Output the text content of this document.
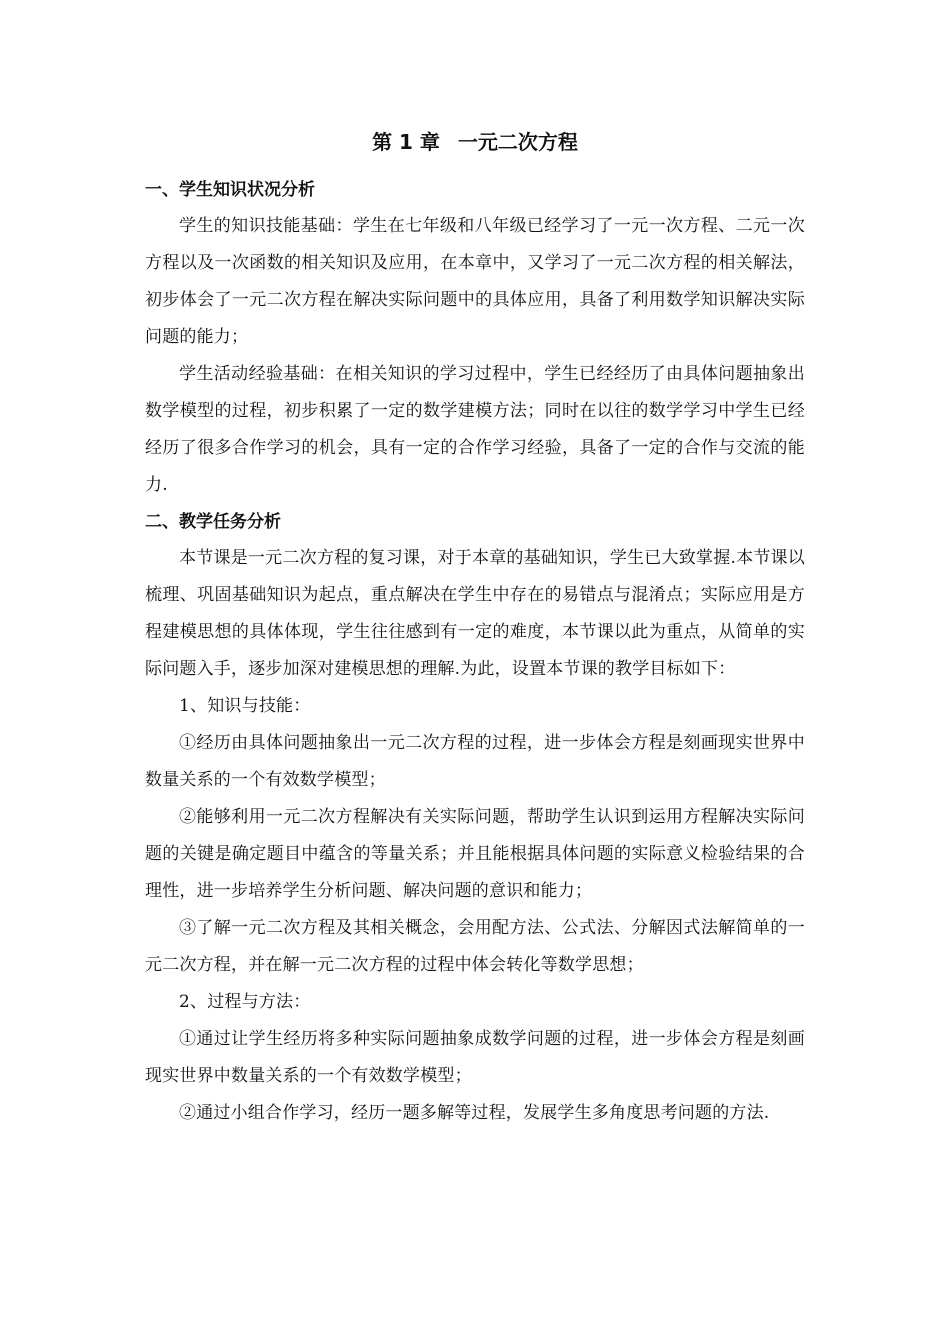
第 1 章 一元二次方程

一、学生知识状况分析

学生的知识技能基础：学生在七年级和八年级已经学习了一元一次方程、二元一次方程以及一次函数的相关知识及应用，在本章中，又学习了一元二次方程的相关解法，初步体会了一元二次方程在解决实际问题中的具体应用，具备了利用数学知识解决实际问题的能力；

学生活动经验基础：在相关知识的学习过程中，学生已经经历了由具体问题抽象出数学模型的过程，初步积累了一定的数学建模方法；同时在以往的数学学习中学生已经经历了很多合作学习的机会，具有一定的合作学习经验，具备了一定的合作与交流的能力.

二、教学任务分析

本节课是一元二次方程的复习课，对于本章的基础知识，学生已大致掌握.本节课以梳理、巩固基础知识为起点，重点解决在学生中存在的易错点与混淆点；实际应用是方程建模思想的具体体现，学生往往感到有一定的难度，本节课以此为重点，从简单的实际问题入手，逐步加深对建模思想的理解.为此，设置本节课的教学目标如下：

1、知识与技能：

①经历由具体问题抽象出一元二次方程的过程，进一步体会方程是刻画现实世界中数量关系的一个有效数学模型；

②能够利用一元二次方程解决有关实际问题，帮助学生认识到运用方程解决实际问题的关键是确定题目中蕴含的等量关系；并且能根据具体问题的实际意义检验结果的合理性，进一步培养学生分析问题、解决问题的意识和能力；

③了解一元二次方程及其相关概念，会用配方法、公式法、分解因式法解简单的一元二次方程，并在解一元二次方程的过程中体会转化等数学思想；

2、过程与方法：

①通过让学生经历将多种实际问题抽象成数学问题的过程，进一步体会方程是刻画现实世界中数量关系的一个有效数学模型；

②通过小组合作学习，经历一题多解等过程，发展学生多角度思考问题的方法.
